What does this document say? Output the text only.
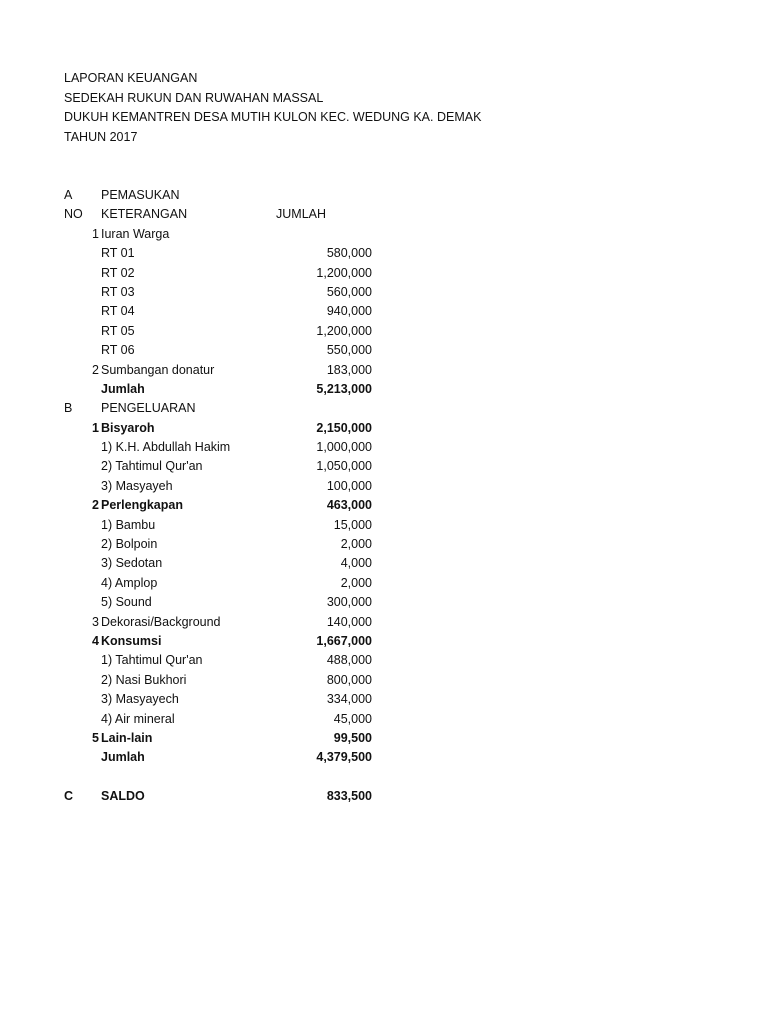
LAPORAN KEUANGAN
SEDEKAH RUKUN DAN RUWAHAN MASSAL
DUKUH KEMANTREN DESA MUTIH KULON KEC. WEDUNG KA. DEMAK
TAHUN 2017
A	PEMASUKAN
NO	KETERANGAN	JUMLAH
1 Iuran Warga
RT 01	580,000
RT 02	1,200,000
RT 03	560,000
RT 04	940,000
RT 05	1,200,000
RT 06	550,000
2 Sumbangan donatur	183,000
Jumlah	5,213,000
B	PENGELUARAN
1 Bisyaroh	2,150,000
1) K.H. Abdullah Hakim	1,000,000
2) Tahtimul Qur'an	1,050,000
3) Masyayeh	100,000
2 Perlengkapan	463,000
1) Bambu	15,000
2) Bolpoin	2,000
3) Sedotan	4,000
4) Amplop	2,000
5) Sound	300,000
3 Dekorasi/Background	140,000
4 Konsumsi	1,667,000
1) Tahtimul Qur'an	488,000
2) Nasi Bukhori	800,000
3) Masyayech	334,000
4) Air mineral	45,000
5 Lain-lain	99,500
Jumlah	4,379,500
C	SALDO	833,500
